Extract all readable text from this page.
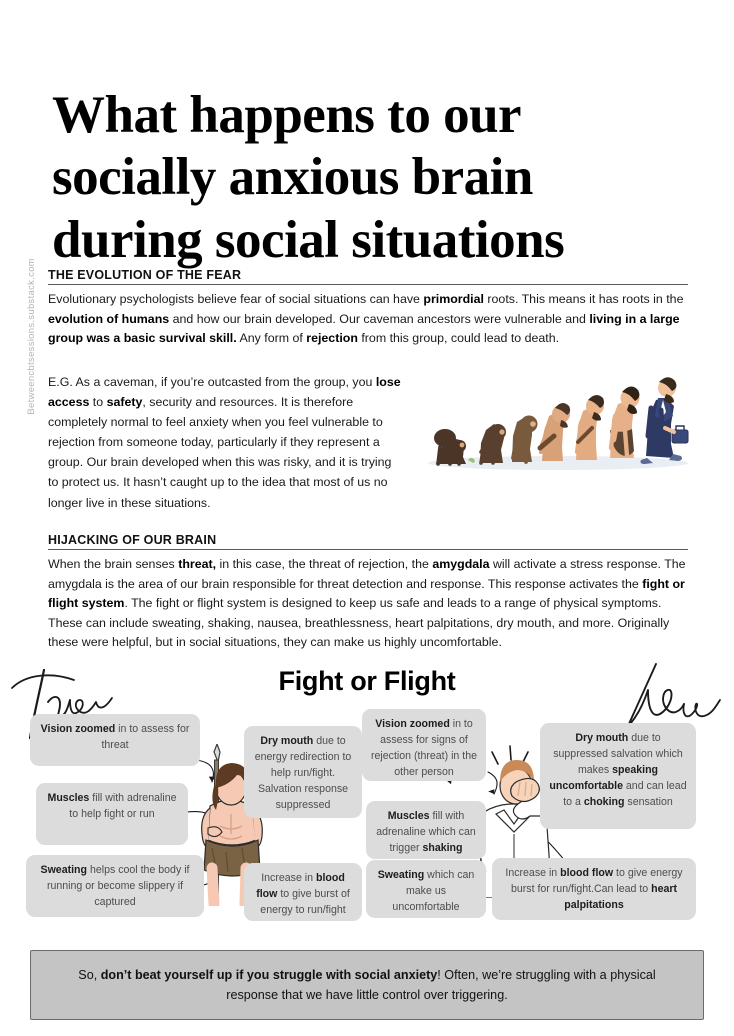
Betweencbtsessions.substack.com
What happens to our socially anxious brain during social situations
THE EVOLUTION OF THE FEAR
Evolutionary psychologists believe fear of social situations can have primordial roots. This means it has roots in the evolution of humans and how our brain developed. Our caveman ancestors were vulnerable and living in a large group was a basic survival skill. Any form of rejection from this group, could lead to death.
E.G. As a caveman, if you’re outcasted from the group, you lose access to safety, security and resources. It is therefore completely normal to feel anxiety when you feel vulnerable to rejection from someone today, particularly if they represent a group. Our brain developed when this was risky, and it is trying to protect us. It hasn’t caught up to the idea that most of us no longer live in these situations.
HIJACKING OF OUR BRAIN
When the brain senses threat, in this case, the threat of rejection, the amygdala will activate a stress response. The amygdala is the area of our brain responsible for threat detection and response. This response activates the fight or flight system. The fight or flight system is designed to keep us safe and leads to a range of physical symptoms. These can include sweating, shaking, nausea, breathlessness, heart palpitations, dry mouth, and more. Originally these were helpful, but in social situations, they can make us highly uncomfortable.
Fight or Flight
Vision zoomed in to assess for threat
Muscles fill with adrenaline to help fight or run
Sweating helps cool the body if running or become slippery if captured
Dry mouth due to energy redirection to help run/fight. Salvation response suppressed
Increase in blood flow to give burst of energy to run/fight
Vision zoomed in to assess for signs of rejection (threat) in the other person
Muscles fill with adrenaline which can trigger shaking
Sweating which can make us uncomfortable
Dry mouth due to suppressed salvation which makes speaking uncomfortable and can lead to a choking sensation
Increase in blood flow to give energy burst for run/fight.Can lead to heart palpitations
So, don’t beat yourself up if you struggle with social anxiety! Often, we’re struggling with a physical response that we have little control over triggering.
